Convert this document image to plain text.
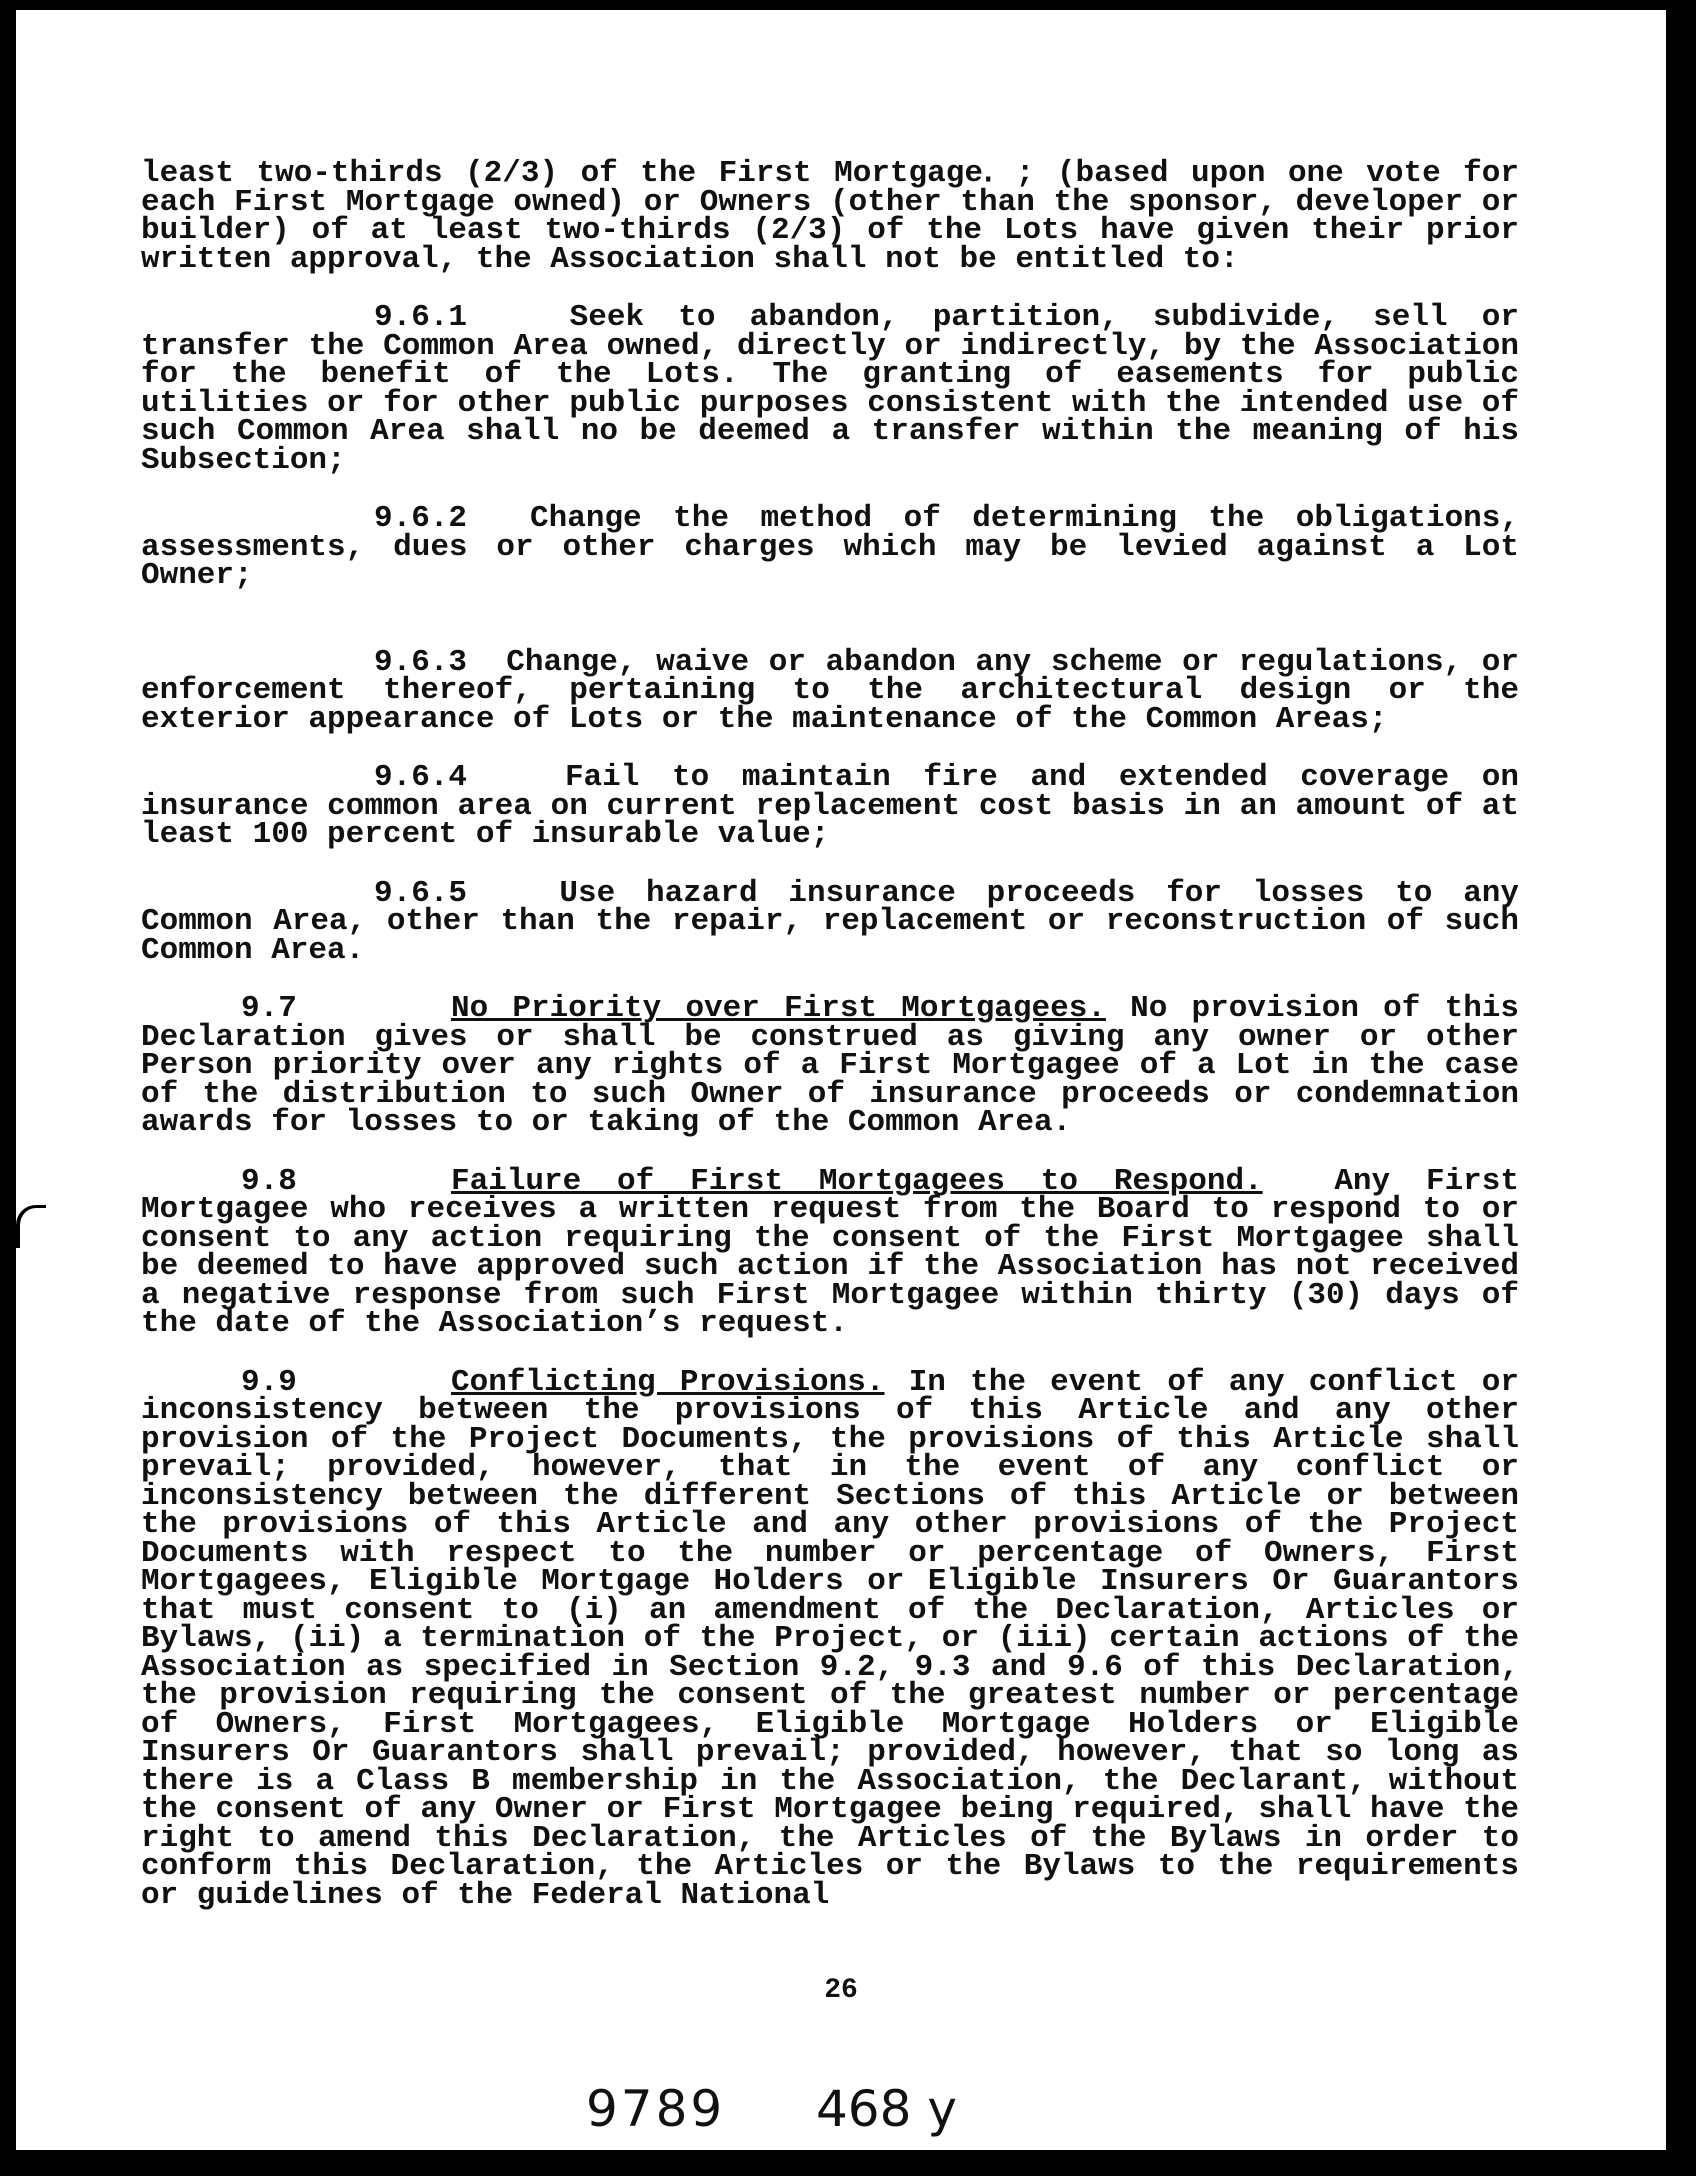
least two-thirds (2/3) of the First Mortgage․ ; (based upon one vote for each First Mortgage owned) or Owners (other than the sponsor, developer or builder) of at least two-thirds (2/3) of the Lots have given their prior written approval, the Association shall not be entitled to:

9.6.1	Seek to abandon, partition, subdivide, sell or transfer the Common Area owned, directly or indirectly, by the Association for the benefit of the Lots. The granting of easements for public utilities or for other public purposes consistent with the intended use of such Common Area shall no be deemed a transfer within the meaning of his Subsection;

9.6.2 Change the method of determining the obligations, assessments, dues or other charges which may be levied against a Lot Owner;

9.6.3 Change, waive or abandon any scheme or regulations, or enforcement thereof, pertaining to the architectural design or the exterior appearance of Lots or the maintenance of the Common Areas;

9.6.4	Fail to maintain fire and extended coverage on insurance common area on current replacement cost basis in an amount of at least 100 percent of insurable value;

9.6.5	Use hazard insurance proceeds for losses to any Common Area, other than the repair, replacement or reconstruction of such Common Area.

9.7	No Priority over First Mortgagees. No provision of this Declaration gives or shall be construed as giving any owner or other Person priority over any rights of a First Mortgagee of a Lot in the case of the distribution to such Owner of insurance proceeds or condemnation awards for losses to or taking of the Common Area.

9.8	Failure of First Mortgagees to Respond. Any First Mortgagee who receives a written request from the Board to respond to or consent to any action requiring the consent of the First Mortgagee shall be deemed to have approved such action if the Association has not received a negative response from such First Mortgagee within thirty (30) days of the date of the Association’s request.

9.9	Conflicting Provisions. In the event of any conflict or inconsistency between the provisions of this Article and any other provision of the Project Documents, the provisions of this Article shall prevail; provided, however, that in the event of any conflict or inconsistency between the different Sections of this Article or between the provisions of this Article and any other provisions of the Project Documents with respect to the number or percentage of Owners, First Mortgagees, Eligible Mortgage Holders or Eligible Insurers Or Guarantors that must consent to (i) an amendment of the Declaration, Articles or Bylaws, (ii) a termination of the Project, or (iii) certain actions of the Association as specified in Section 9.2, 9.3 and 9.6 of this Declaration, the provision requiring the consent of the greatest number or percentage of Owners, First Mortgagees, Eligible Mortgage Holders or Eligible Insurers Or Guarantors shall prevail; provided, however, that so long as there is a Class B membership in the Association, the Declarant, without the consent of any Owner or First Mortgagee being required, shall have the right to amend this Declaration, the Articles of the Bylaws in order to conform this Declaration, the Articles or the Bylaws to the requirements or guidelines of the Federal National

26
9789 468 y
